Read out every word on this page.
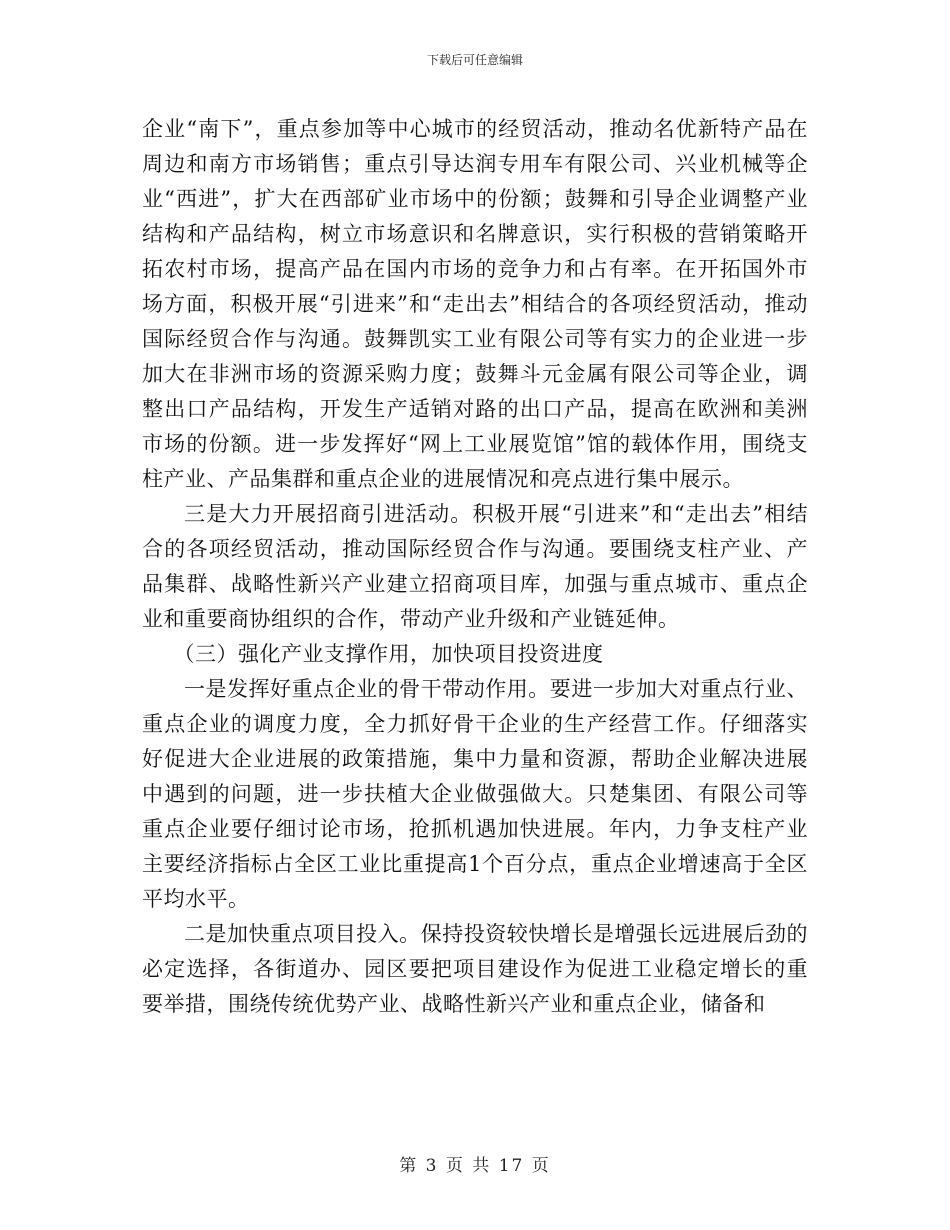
下载后可任意编辑

企业“南下”，重点参加等中心城市的经贸活动，推动名优新特产品在周边和南方市场销售；重点引导达润专用车有限公司、兴业机械等企业“西进”，扩大在西部矿业市场中的份额；鼓舞和引导企业调整产业结构和产品结构，树立市场意识和名牌意识，实行积极的营销策略开拓农村市场，提高产品在国内市场的竞争力和占有率。在开拓国外市场方面，积极开展“引进来”和“走出去”相结合的各项经贸活动，推动国际经贸合作与沟通。鼓舞凯实工业有限公司等有实力的企业进一步加大在非洲市场的资源采购力度；鼓舞斗元金属有限公司等企业，调整出口产品结构，开发生产适销对路的出口产品，提高在欧洲和美洲市场的份额。进一步发挥好“网上工业展览馆”馆的载体作用，围绕支柱产业、产品集群和重点企业的进展情况和亮点进行集中展示。

三是大力开展招商引进活动。积极开展“引进来”和“走出去”相结合的各项经贸活动，推动国际经贸合作与沟通。要围绕支柱产业、产品集群、战略性新兴产业建立招商项目库，加强与重点城市、重点企业和重要商协组织的合作，带动产业升级和产业链延伸。

（三）强化产业支撑作用，加快项目投资进度

一是发挥好重点企业的骨干带动作用。要进一步加大对重点行业、重点企业的调度力度，全力抓好骨干企业的生产经营工作。仔细落实好促进大企业进展的政策措施，集中力量和资源，帮助企业解决进展中遇到的问题，进一步扶植大企业做强做大。只楚集团、有限公司等重点企业要仔细讨论市场，抢抓机遇加快进展。年内，力争支柱产业主要经济指标占全区工业比重提高1个百分点，重点企业增速高于全区平均水平。

二是加快重点项目投入。保持投资较快增长是增强长远进展后劲的必定选择，各街道办、园区要把项目建设作为促进工业稳定增长的重要举措，围绕传统优势产业、战略性新兴产业和重点企业，储备和

第 3 页 共 17 页
